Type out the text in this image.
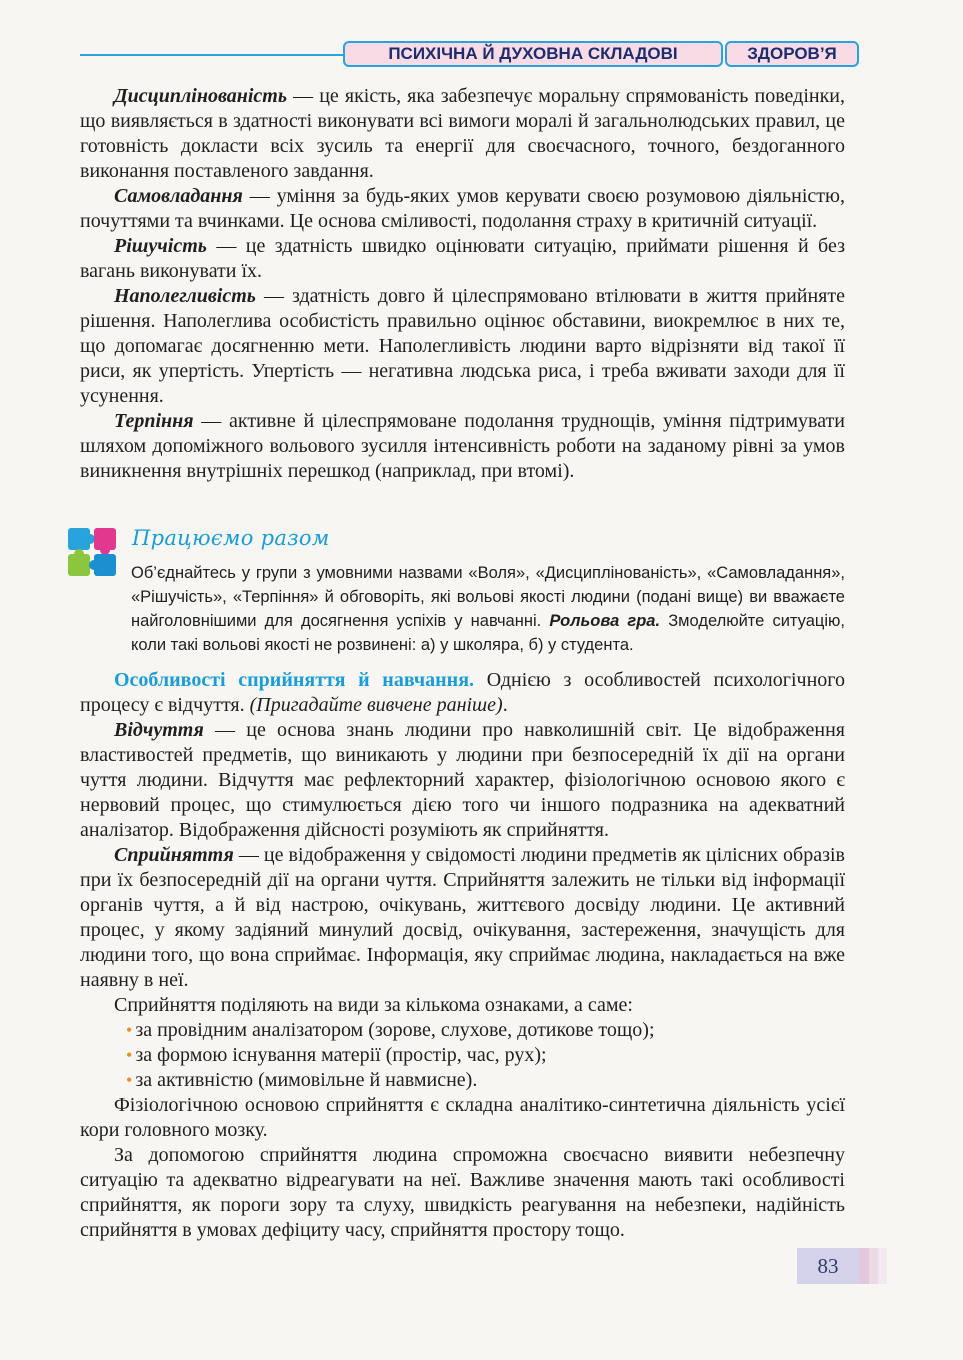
ПСИХІЧНА Й ДУХОВНА СКЛАДОВІ	ЗДОРОВ’Я

Дисциплінованість — це якість, яка забезпечує моральну спрямованість поведінки, що виявляється в здатності виконувати всі вимоги моралі й загальнолюдських правил, це готовність докласти всіх зусиль та енергії для своєчасного, точного, бездоганного виконання поставленого завдання.

Самовладання — уміння за будь-яких умов керувати своєю розумовою діяльністю, почуттями та вчинками. Це основа сміливості, подолання страху в критичній ситуації.

Рішучість — це здатність швидко оцінювати ситуацію, приймати рішення й без вагань виконувати їх.

Наполегливість — здатність довго й цілеспрямовано втілювати в життя прийняте рішення. Наполеглива особистість правильно оцінює обставини, виокремлює в них те, що допомагає досягненню мети. Наполегливість людини варто відрізняти від такої її риси, як упертість. Упертість — негативна людська риса, і треба вживати заходи для її усунення.

Терпіння — активне й цілеспрямоване подолання труднощів, уміння підтримувати шляхом допоміжного вольового зусилля інтенсивність роботи на заданому рівні за умов виникнення внутрішніх перешкод (наприклад, при втомі).

Працюємо разом

Об’єднайтесь у групи з умовними назвами «Воля», «Дисциплінованість», «Самовладання», «Рішучість», «Терпіння» й обговоріть, які вольові якості людини (подані вище) ви вважаєте найголовнішими для досягнення успіхів у навчанні. Рольова гра. Змоделюйте ситуацію, коли такі вольові якості не розвинені: а) у школяра, б) у студента.

Особливості сприйняття й навчання. Однією з особливостей психологічного процесу є відчуття. (Пригадайте вивчене раніше).

Відчуття — це основа знань людини про навколишній світ. Це відображення властивостей предметів, що виникають у людини при безпосередній їх дії на органи чуття людини. Відчуття має рефлекторний характер, фізіологічною основою якого є нервовий процес, що стимулюється дією того чи іншого подразника на адекватний аналізатор. Відображення дійсності розуміють як сприйняття.

Сприйняття — це відображення у свідомості людини предметів як цілісних образів при їх безпосередній дії на органи чуття. Сприйняття залежить не тільки від інформації органів чуття, а й від настрою, очікувань, життєвого досвіду людини. Це активний процес, у якому задіяний минулий досвід, очікування, застереження, значущість для людини того, що вона сприймає. Інформація, яку сприймає людина, накладається на вже наявну в неї.

Сприйняття поділяють на види за кількома ознаками, а саме:

• за провідним аналізатором (зорове, слухове, дотикове тощо);

• за формою існування матерії (простір, час, рух);

• за активністю (мимовільне й навмисне).

Фізіологічною основою сприйняття є складна аналітико-синтетична діяльність усієї кори головного мозку.

За допомогою сприйняття людина спроможна своєчасно виявити небезпечну ситуацію та адекватно відреагувати на неї. Важливе значення мають такі особливості сприйняття, як пороги зору та слуху, швидкість реагування на небезпеки, надійність сприйняття в умовах дефіциту часу, сприйняття простору тощо.

83
